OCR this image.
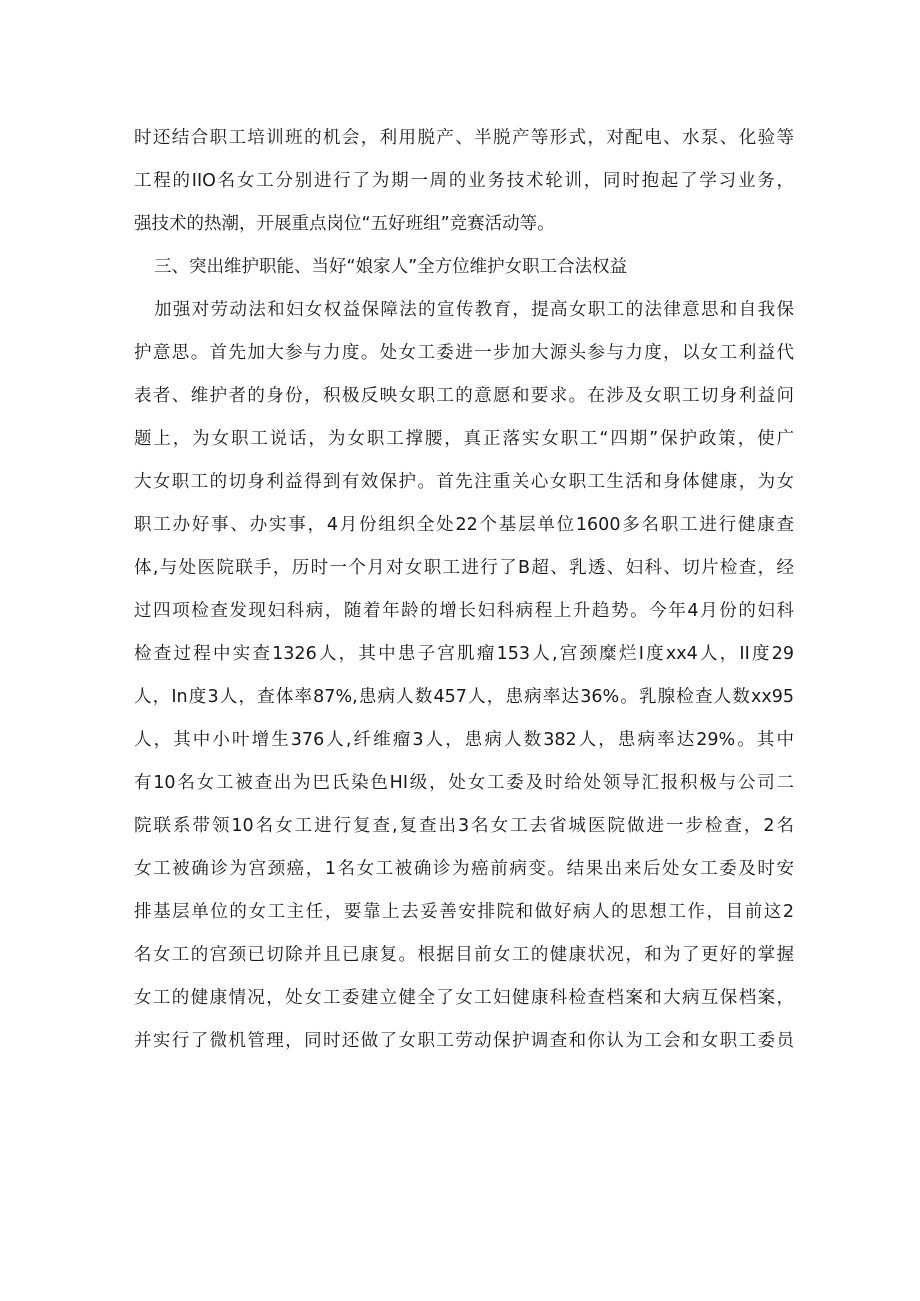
时还结合职工培训班的机会，利用脱产、半脱产等形式，对配电、水泵、化验等
工程的IIO名女工分别进行了为期一周的业务技术轮训，同时抱起了学习业务，
强技术的热潮，开展重点岗位“五好班组”竞赛活动等。
三、突出维护职能、当好“娘家人”全方位维护女职工合法权益
加强对劳动法和妇女权益保障法的宣传教育，提高女职工的法律意思和自我保
护意思。首先加大参与力度。处女工委进一步加大源头参与力度，以女工利益代
表者、维护者的身份，积极反映女职工的意愿和要求。在涉及女职工切身利益问
题上，为女职工说话，为女职工撑腰，真正落实女职工“四期”保护政策，使广
大女职工的切身利益得到有效保护。首先注重关心女职工生活和身体健康，为女
职工办好事、办实事，4月份组织全处22个基层单位1600多名职工进行健康查
体,与处医院联手，历时一个月对女职工进行了B超、乳透、妇科、切片检查，经
过四项检查发现妇科病，随着年龄的增长妇科病程上升趋势。今年4月份的妇科
检查过程中实查1326人，其中患子宫肌瘤153人,宫颈糜烂I度xx4人，II度29
人，In度3人，查体率87%,患病人数457人，患病率达36%。乳腺检查人数xx95
人，其中小叶增生376人,纤维瘤3人，患病人数382人，患病率达29%。其中
有10名女工被查出为巴氏染色HI级，处女工委及时给处领导汇报积极与公司二
院联系带领10名女工进行复查,复查出3名女工去省城医院做进一步检查，2名
女工被确诊为宫颈癌，1名女工被确诊为癌前病变。结果出来后处女工委及时安
排基层单位的女工主任，要靠上去妥善安排院和做好病人的思想工作，目前这2
名女工的宫颈已切除并且已康复。根据目前女工的健康状况，和为了更好的掌握
女工的健康情况，处女工委建立健全了女工妇健康科检查档案和大病互保档案，
并实行了微机管理，同时还做了女职工劳动保护调查和你认为工会和女职工委员
